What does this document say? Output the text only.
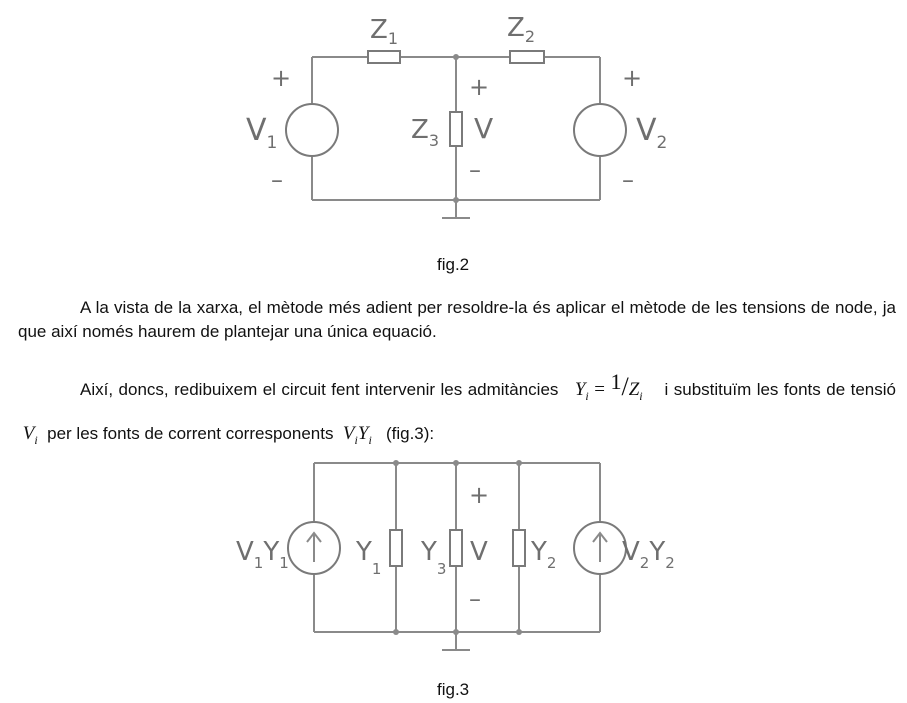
$Z_1$	$Z_2$
$Z_3$ V
$V_1$	$V_2$
+
–
+
–
+
–
fig.2

A la vista de la xarxa, el mètode més adient per resoldre-la és aplicar el mètode de les tensions de node, ja que així només haurem de plantejar una única equació.

Així, doncs, redibuixem el circuit fent intervenir les admitàncies $Y_i = 1/Z_i$ i substituïm les fonts de tensió  $V_i$ per les fonts de corrent corresponents $V_iY_i$ (fig.3):

$V_1Y_1$	$Y_1$
$Y_3$
V $Y_2$	$V_2Y_2$
+
–
fig.3
